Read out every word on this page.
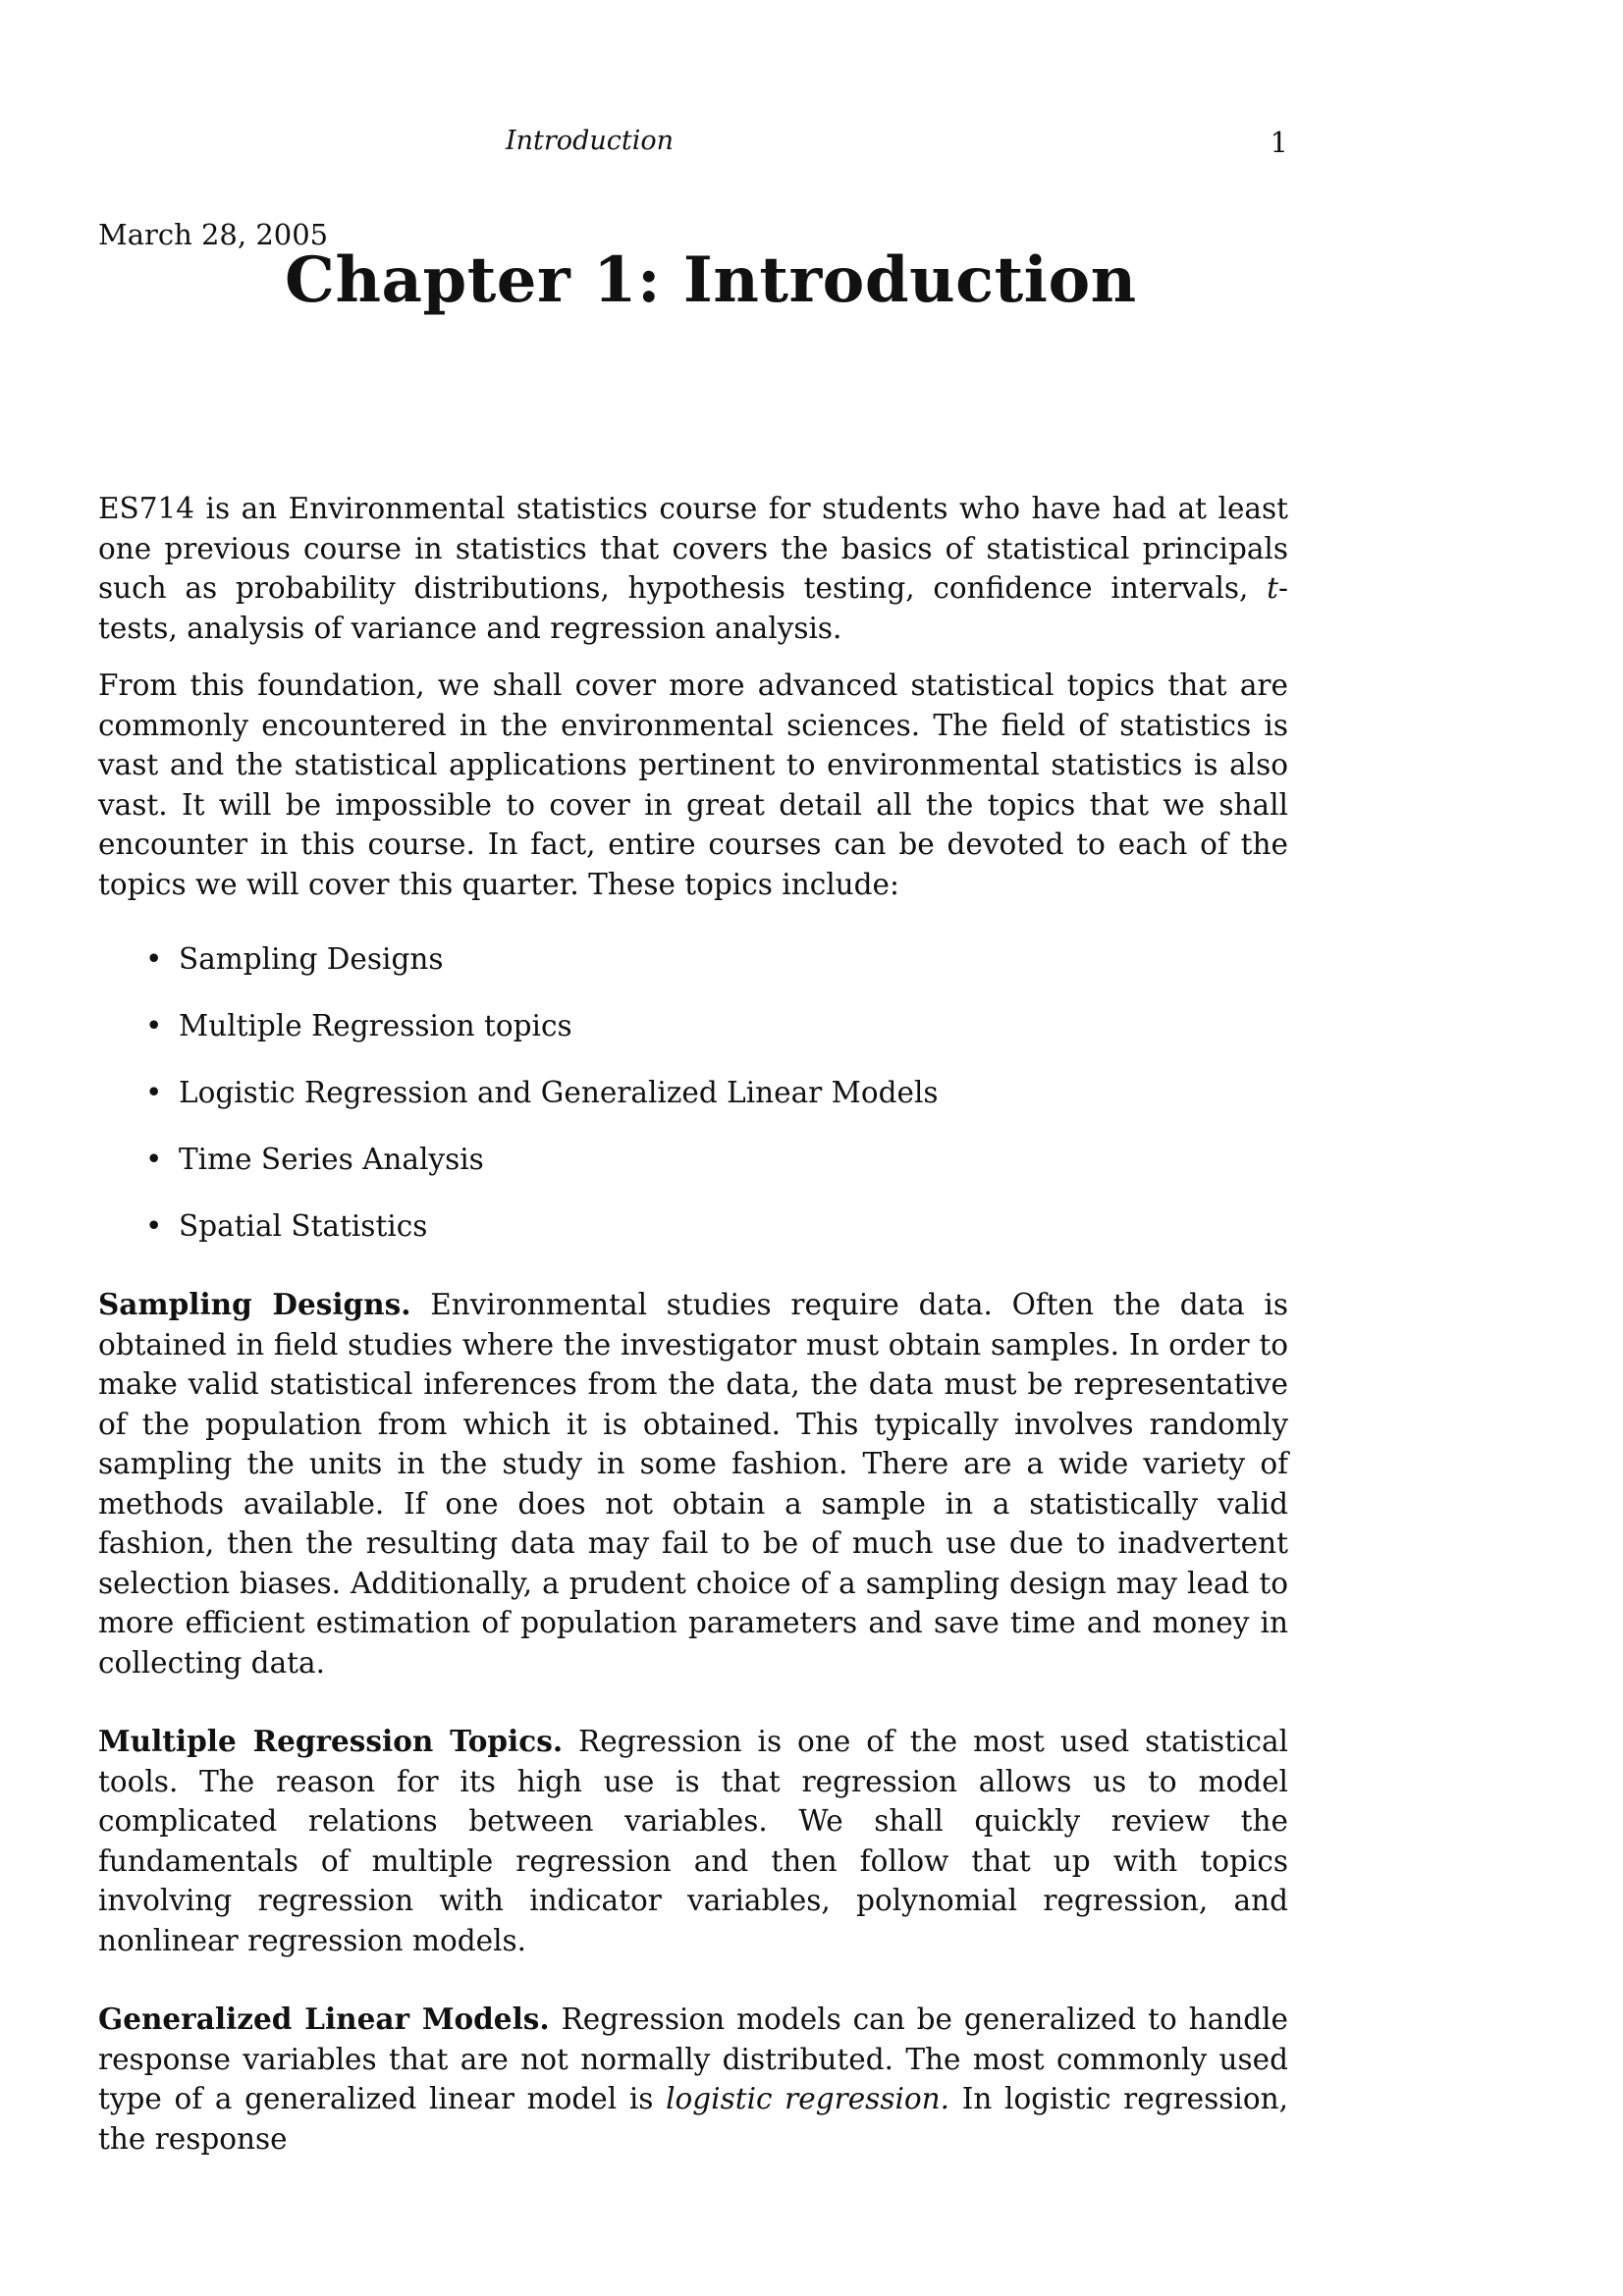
Introduction	1
March 28, 2005
Chapter 1: Introduction

ES714 is an Environmental statistics course for students who have had at least one previous course in statistics that covers the basics of statistical principals such as probability distributions, hypothesis testing, confidence intervals, t-tests, analysis of variance and regression analysis.

From this foundation, we shall cover more advanced statistical topics that are commonly encountered in the environmental sciences. The field of statistics is vast and the statistical applications pertinent to environmental statistics is also vast. It will be impossible to cover in great detail all the topics that we shall encounter in this course. In fact, entire courses can be devoted to each of the topics we will cover this quarter. These topics include:

• Sampling Designs
• Multiple Regression topics
• Logistic Regression and Generalized Linear Models
• Time Series Analysis
• Spatial Statistics

Sampling Designs. Environmental studies require data. Often the data is obtained in field studies where the investigator must obtain samples. In order to make valid statistical inferences from the data, the data must be representative of the population from which it is obtained. This typically involves randomly sampling the units in the study in some fashion. There are a wide variety of methods available. If one does not obtain a sample in a statistically valid fashion, then the resulting data may fail to be of much use due to inadvertent selection biases. Additionally, a prudent choice of a sampling design may lead to more efficient estimation of population parameters and save time and money in collecting data.

Multiple Regression Topics. Regression is one of the most used statistical tools. The reason for its high use is that regression allows us to model complicated relations between variables. We shall quickly review the fundamentals of multiple regression and then follow that up with topics involving regression with indicator variables, polynomial regression, and nonlinear regression models.

Generalized Linear Models. Regression models can be generalized to handle response variables that are not normally distributed. The most commonly used type of a generalized linear model is logistic regression. In logistic regression, the response
